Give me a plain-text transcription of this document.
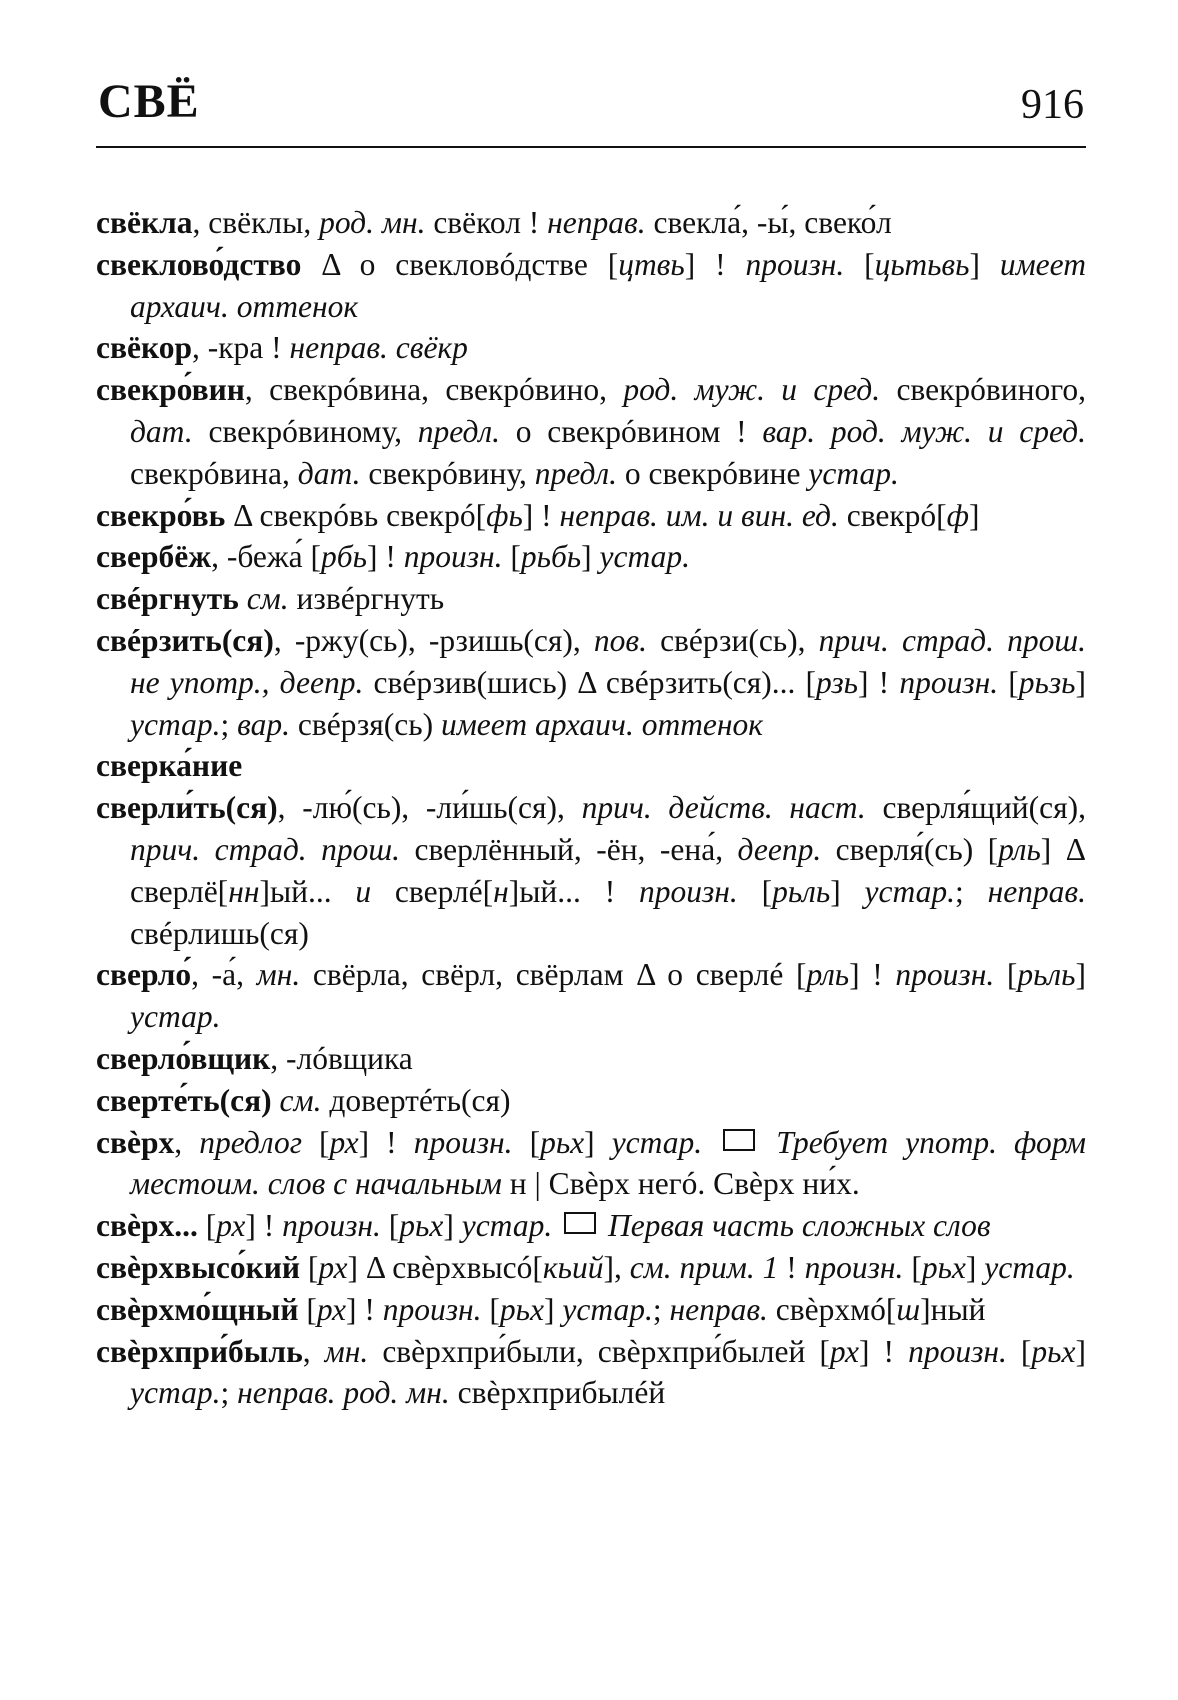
СВЁ	916

свёкла, свёклы, род. мн. свёкол ! неправ. свекла́, -ы́, свеко́л

свеклово́дство Δ о свекловóдстве [цтвь] ! произн. [цьтьвь] имеет архаич. оттенок

свёкор, -кра ! неправ. свёкр

свекро́вин, свекрóвина, свекрóвино, род. муж. и сред. свекрóвиного, дат. свекрóвиному, предл. о свекрóвином ! вар. род. муж. и сред. свекрóвина, дат. свекрóвину, предл. о свекрóвине устар.

свекро́вь Δ свекрóвь свекрó[фь] ! неправ. им. и вин. ед. свекрó[ф]

свербёж, -бежа́ [рбь] ! произн. [рьбь] устар.

свéргнуть см. извéргнуть

свéрзить(ся), -ржу(сь), -рзишь(ся), пов. свéрзи(сь), прич. страд. прош. не употр., деепр. свéрзив(шись) Δ свéрзить(ся)... [рзь] ! произн. [рьзь] устар.; вар. свéрзя(сь) имеет архаич. оттенок

сверка́ние

сверли́ть(ся), -лю́(сь), -ли́шь(ся), прич. действ. наст. сверля́щий(ся), прич. страд. прош. сверлённый, -ён, -ена́, деепр. сверля́(сь) [рль] Δ сверлё[нн]ый... и сверлé[н]ый... ! произн. [рьль] устар.; неправ. свéрлишь(ся)

сверло́, -а́, мн. свёрла, свёрл, свёрлам Δ о сверлé [рль] ! произн. [рьль] устар.

сверло́вщик, -лóвщика

сверте́ть(ся) см. довертéть(ся)

свѐрх, предлог [рх] ! произн. [рьх] устар.  Требует употр. форм местоим. слов с начальным н | Свѐрх негó. Свѐрх ни́х.

свѐрх... [рх] ! произн. [рьх] устар.  Первая часть сложных слов

свѐрхвысо́кий [рх] Δ свѐрхвысó[кьий], см. прим. 1 ! произн. [рьх] устар.

свѐрхмо́щный [рх] ! произн. [рьх] устар.; неправ. свѐрхмó[ш]ный

свѐрхпри́быль, мн. свѐрхпри́были, свѐрхпри́былей [рх] ! произн. [рьх] устар.; неправ. род. мн. свѐрхприбылéй
